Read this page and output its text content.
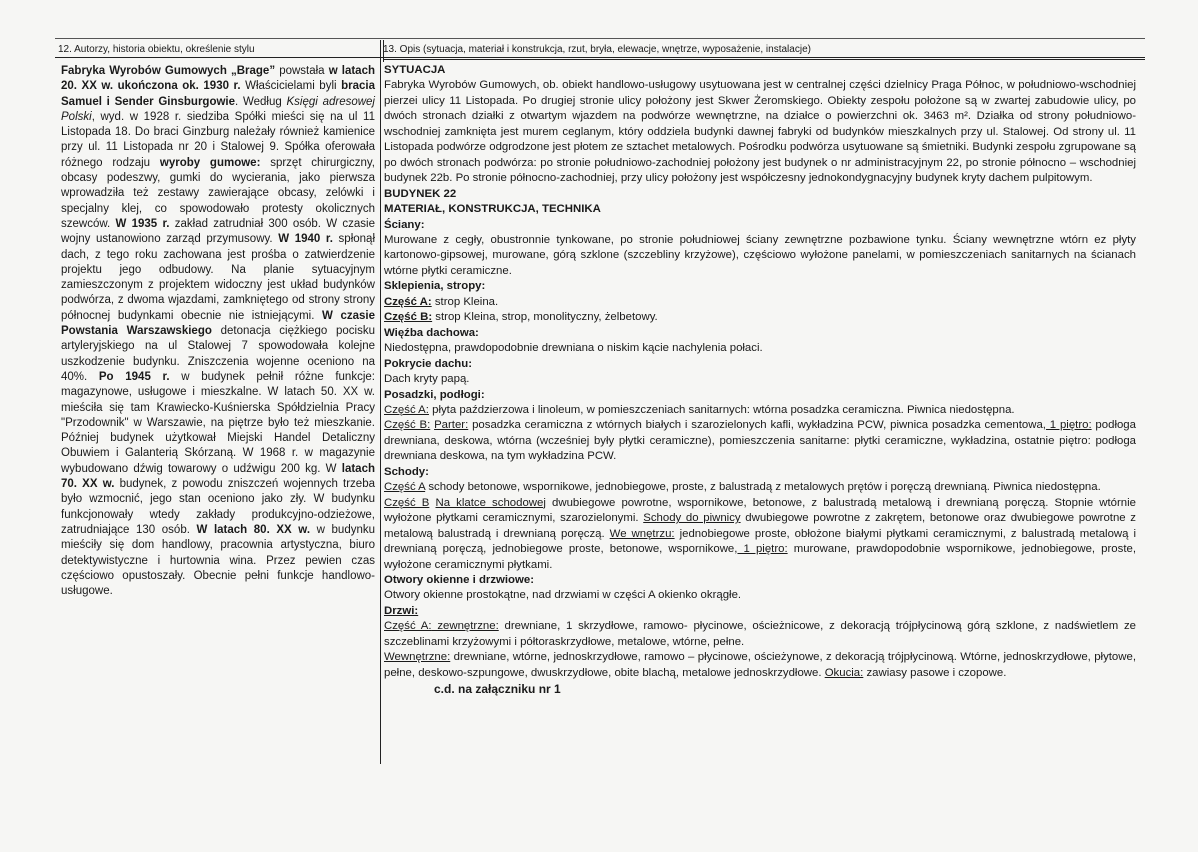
12. Autorzy, historia obiektu, określenie stylu	13. Opis (sytuacja, materiał i konstrukcja, rzut, bryła, elewacje, wnętrze, wyposażenie, instalacje)

Fabryka Wyrobów Gumowych „Brage” powstała w latach 20. XX w. ukończona ok. 1930 r. Właścicielami byli bracia Samuel i Sender Ginsburgowie. Według Księgi adresowej Polski, wyd. w 1928 r. siedziba Spółki mieści się na ul 11 Listopada 18. Do braci Ginzburg należały również kamienice przy ul. 11 Listopada nr 20 i Stalowej 9. Spółka oferowała różnego rodzaju wyroby gumowe: sprzęt chirurgiczny, obcasy podeszwy, gumki do wycierania, jako pierwsza wprowadziła też zestawy zawierające obcasy, zelówki i specjalny klej, co spowodowało protesty okolicznych szewców. W 1935 r. zakład zatrudniał 300 osób. W czasie wojny ustanowiono zarząd przymusowy. W 1940 r. spłonął dach, z tego roku zachowana jest prośba o zatwierdzenie projektu jego odbudowy. Na planie sytuacyjnym zamieszczonym z projektem widoczny jest układ budynków podwórza, z dwoma wjazdami, zamkniętego od strony strony północnej budynkami obecnie nie istniejącymi. W czasie Powstania Warszawskiego detonacja ciężkiego pocisku artyleryjskiego na ul Stalowej 7 spowodowała kolejne uszkodzenie budynku. Zniszczenia wojenne oceniono na 40%. Po 1945 r. w budynek pełnił różne funkcje: magazynowe, usługowe i mieszkalne. W latach 50. XX w. mieściła się tam Krawiecko-Kuśnierska Spółdzielnia Pracy "Przodownik" w Warszawie, na piętrze było też mieszkanie. Później budynek użytkował Miejski Handel Detaliczny Obuwiem i Galanterią Skórzaną. W 1968 r. w magazynie wybudowano dźwig towarowy o udźwigu 200 kg. W latach 70. XX w. budynek, z powodu zniszczeń wojennych trzeba było wzmocnić, jego stan oceniono jako zły. W budynku funkcjonowały wtedy zakłady produkcyjno-odzieżowe, zatrudniające 130 osób. W latach 80. XX w. w budynku mieściły się dom handlowy, pracownia artystyczna, biuro detektywistyczne i hurtownia wina. Przez pewien czas częściowo opustoszały. Obecnie pełni funkcje handlowo-usługowe.

SYTUACJA

Fabryka Wyrobów Gumowych, ob. obiekt handlowo-usługowy usytuowana jest w centralnej części dzielnicy Praga Północ, w południowo-wschodniej pierzei ulicy 11 Listopada. Po drugiej stronie ulicy położony jest Skwer Żeromskiego. Obiekty zespołu położone są w zwartej zabudowie ulicy, po dwóch stronach działki z otwartym wjazdem na podwórze wewnętrzne, na działce o powierzchni ok. 3463 m². Działka od strony południowo-wschodniej zamknięta jest murem ceglanym, który oddziela budynki dawnej fabryki od budynków mieszkalnych przy ul. Stalowej. Od strony ul. 11 Listopada podwórze odgrodzone jest płotem ze sztachet metalowych. Pośrodku podwórza usytuowane są śmietniki. Budynki zespołu zgrupowane są po dwóch stronach podwórza: po stronie południowo-zachodniej położony jest budynek o nr administracyjnym 22, po stronie północno – wschodniej budynek 22b. Po stronie północno-zachodniej, przy ulicy położony jest współczesny jednokondygnacyjny budynek kryty dachem pulpitowym.

BUDYNEK 22

MATERIAŁ, KONSTRUKCJA, TECHNIKA

Ściany:

Murowane z cegły, obustronnie tynkowane, po stronie południowej ściany zewnętrzne pozbawione tynku. Ściany wewnętrzne wtórn ez płyty kartonowo-gipsowej, murowane, górą szklone (szczebliny krzyżowe), częściowo wyłożone panelami, w pomieszczeniach sanitarnych na ścianach wtórne płytki ceramiczne.

Sklepienia, stropy:

Część A: strop Kleina.

Część B: strop Kleina, strop, monolityczny, żelbetowy.

Więźba dachowa:

Niedostępna, prawdopodobnie drewniana o niskim kącie nachylenia połaci.

Pokrycie dachu:

Dach kryty papą.

Posadzki, podłogi:

Część A: płyta paździerzowa i linoleum, w pomieszczeniach sanitarnych: wtórna posadzka ceramiczna. Piwnica niedostępna.

Część B: Parter: posadzka ceramiczna z wtórnych białych i szarozielonych kafli, wykładzina PCW, piwnica posadzka cementowa, 1 piętro: podłoga drewniana, deskowa, wtórna (wcześniej były płytki ceramiczne), pomieszczenia sanitarne: płytki ceramiczne, wykładzina, ostatnie piętro: podłoga drewniana deskowa, na tym wykładzina PCW.

Schody:

Część A schody betonowe, wspornikowe, jednobiegowe, proste, z balustradą z metalowych prętów i poręczą drewnianą. Piwnica niedostępna.

Część B Na klatce schodowej dwubiegowe powrotne, wspornikowe, betonowe, z balustradą metalową i drewnianą poręczą. Stopnie wtórnie wyłożone płytkami ceramicznymi, szarozielonymi. Schody do piwnicy dwubiegowe powrotne z zakrętem, betonowe oraz dwubiegowe powrotne z metalową balustradą i drewnianą poręczą. We wnętrzu: jednobiegowe proste, obłożone białymi płytkami ceramicznymi, z balustradą metalową i drewnianą poręczą, jednobiegowe proste, betonowe, wspornikowe, 1 piętro: murowane, prawdopodobnie wspornikowe, jednobiegowe, proste, wyłożone ceramicznymi płytkami.

Otwory okienne i drzwiowe:

Otwory okienne prostokątne, nad drzwiami w części A okienko okrągłe.

Drzwi:

Część A: zewnętrzne: drewniane, 1 skrzydłowe, ramowo- płycinowe, ościeżnicowe, z dekoracją trójpłycinową górą szklone, z nadświetlem ze szczeblinami krzyżowymi i półtoraskrzydłowe, metalowe, wtórne, pełne.

Wewnętrzne: drewniane, wtórne, jednoskrzydłowe, ramowo – płycinowe, ościeżynowe, z dekoracją trójpłycinową. Wtórne, jednoskrzydłowe, płytowe, pełne, deskowo-szpungowe, dwuskrzydłowe, obite blachą, metalowe jednoskrzydłowe. Okucia: zawiasy pasowe i czopowe.

c.d. na załączniku nr 1
